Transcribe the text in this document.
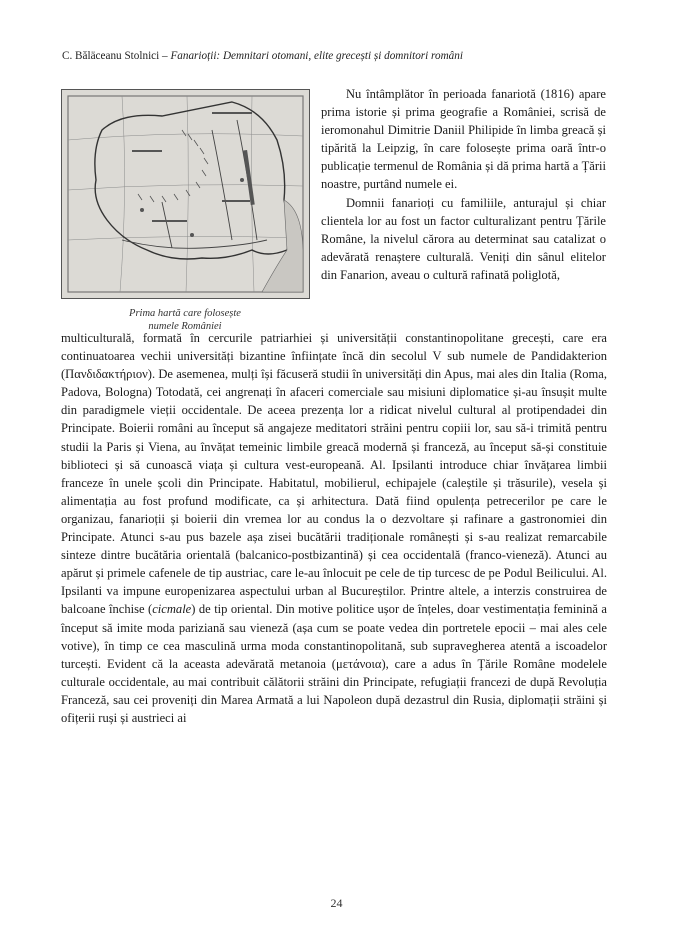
C. Băläceanu Stolnici – Fanarioții: Demnitari otomani, elite grecești și domnitori români
Prima hartă care folosește
numele României

Nu întâmplător în perioada fanariotă (1816) apare prima istorie și prima geografie a României, scrisă de ieromonahul Dimitrie Daniil Philipide în limba greacă și tipărită la Leipzig, în care folosește prima oară într-o publicație termenul de România și dă prima hartă a Țării noastre, purtând numele ei.

Domnii fanarioți cu familiile, anturajul și chiar clientela lor au fost un factor culturalizant pentru Țările Române, la nivelul cărora au determinat sau catalizat o adevărată renaștere culturală. Veniți din sânul elitelor din Fanarion, aveau o cultură rafinată poliglotă,

multiculturală, formată în cercurile patriarhiei și universității constantinopolitane grecești, care era continuatoarea vechii universități bizantine înființate încă din secolul V sub numele de Pandidakterion (Πανδιδακτήριον). De asemenea, mulți își făcuseră studii în universități din Apus, mai ales din Italia (Roma, Padova, Bologna) Totodată, cei angrenați în afaceri comerciale sau misiuni diplomatice și-au însușit multe din paradigmele vieții occidentale. De aceea prezența lor a ridicat nivelul cultural al protipendadei din Principate. Boierii români au început să angajeze meditatori străini pentru copiii lor, sau să-i trimită pentru studii la Paris și Viena, au învățat temeinic limbile greacă modernă și franceză, au început să-și constituie biblioteci și să cunoască viața și cultura vest-europeană. Al. Ipsilanti introduce chiar învățarea limbii franceze în unele școli din Principate. Habitatul, mobilierul, echipajele (caleștile și trăsurile), vesela și alimentația au fost profund modificate, ca și arhitectura. Dată fiind opulența petrecerilor pe care le organizau, fanarioții și boierii din vremea lor au condus la o dezvoltare și rafinare a gastronomiei din Principate. Atunci s-au pus bazele așa zisei bucătării tradiționale românești și s-au realizat remarcabile sinteze dintre bucătăria orientală (balcanico-postbizantină) și cea occidentală (franco-vieneză). Atunci au apărut și primele cafenele de tip austriac, care le-au înlocuit pe cele de tip turcesc de pe Podul Beilicului. Al. Ipsilanti va impune europenizarea aspectului urban al Bucureștilor. Printre altele, a interzis construirea de balcoane închise (cicmale) de tip oriental. Din motive politice ușor de înțeles, doar vestimentația feminină a început să imite moda pariziană sau vieneză (așa cum se poate vedea din portretele epocii – mai ales cele votive), în timp ce cea masculină urma moda constantinopolitană, sub supravegherea atentă a iscoadelor turcești. Evident că la aceasta adevărată metanoia (μετάνοια), care a adus în Țările Române modelele culturale occidentale, au mai contribuit călătorii străini din Principate, refugiații francezi de după Revoluția Franceză, sau cei proveniți din Marea Armată a lui Napoleon după dezastrul din Rusia, diplomații străini și ofițerii ruși și austrieci ai

24
